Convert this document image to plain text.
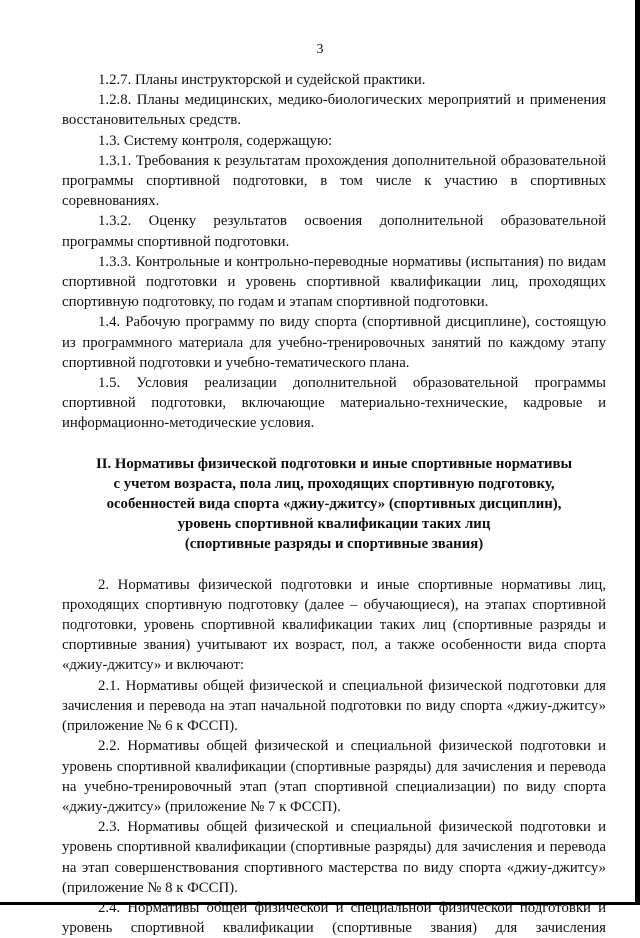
3

1.2.7. Планы инструкторской и судейской практики.

1.2.8. Планы медицинских, медико-биологических мероприятий и применения восстановительных средств.

1.3. Систему контроля, содержащую:

1.3.1. Требования к результатам прохождения дополнительной образовательной программы спортивной подготовки, в том числе к участию в спортивных соревнованиях.

1.3.2. Оценку результатов освоения дополнительной образовательной программы спортивной подготовки.

1.3.3. Контрольные и контрольно-переводные нормативы (испытания) по видам спортивной подготовки и уровень спортивной квалификации лиц, проходящих спортивную подготовку, по годам и этапам спортивной подготовки.

1.4. Рабочую программу по виду спорта (спортивной дисциплине), состоящую из программного материала для учебно-тренировочных занятий по каждому этапу спортивной подготовки и учебно-тематического плана.

1.5. Условия реализации дополнительной образовательной программы спортивной подготовки, включающие материально-технические, кадровые и информационно-методические условия.

II. Нормативы физической подготовки и иные спортивные нормативы
с учетом возраста, пола лиц, проходящих спортивную подготовку,
особенностей вида спорта «джиу-джитсу» (спортивных дисциплин),
уровень спортивной квалификации таких лиц
(спортивные разряды и спортивные звания)

2. Нормативы физической подготовки и иные спортивные нормативы лиц, проходящих спортивную подготовку (далее – обучающиеся), на этапах спортивной подготовки, уровень спортивной квалификации таких лиц (спортивные разряды и спортивные звания) учитывают их возраст, пол, а также особенности вида спорта «джиу-джитсу» и включают:

2.1. Нормативы общей физической и специальной физической подготовки для зачисления и перевода на этап начальной подготовки по виду спорта «джиу-джитсу» (приложение № 6 к ФССП).

2.2. Нормативы общей физической и специальной физической подготовки и уровень спортивной квалификации (спортивные разряды) для зачисления и перевода на учебно-тренировочный этап (этап спортивной специализации) по виду спорта «джиу-джитсу» (приложение № 7 к ФССП).

2.3. Нормативы общей физической и специальной физической подготовки и уровень спортивной квалификации (спортивные разряды) для зачисления и перевода на этап совершенствования спортивного мастерства по виду спорта «джиу-джитсу» (приложение № 8 к ФССП).

2.4. Нормативы общей физической и специальной физической подготовки и уровень спортивной квалификации (спортивные звания) для зачисления
